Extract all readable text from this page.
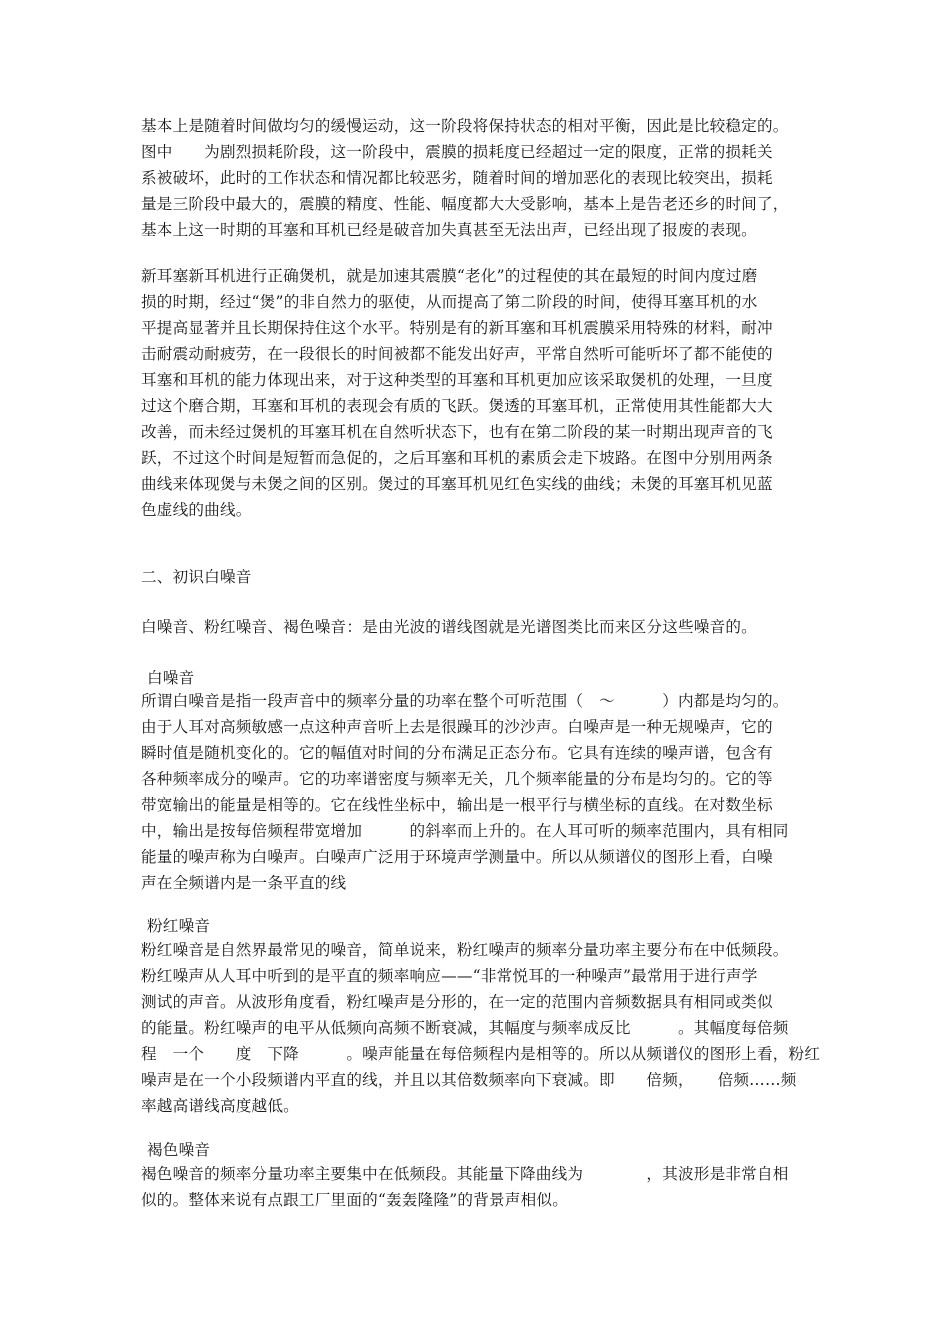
基本上是随着时间做均匀的缓慢运动，这一阶段将保持状态的相对平衡，因此是比较稳定的。
图中　　为剧烈损耗阶段，这一阶段中，震膜的损耗度已经超过一定的限度，正常的损耗关
系被破坏，此时的工作状态和情况都比较恶劣，随着时间的增加恶化的表现比较突出，损耗
量是三阶段中最大的，震膜的精度、性能、幅度都大大受影响，基本上是告老还乡的时间了，
基本上这一时期的耳塞和耳机已经是破音加失真甚至无法出声，已经出现了报废的表现。
新耳塞新耳机进行正确煲机，就是加速其震膜“老化”的过程使的其在最短的时间内度过磨
损的时期，经过“煲”的非自然力的驱使，从而提高了第二阶段的时间，使得耳塞耳机的水
平提高显著并且长期保持住这个水平。特别是有的新耳塞和耳机震膜采用特殊的材料，耐冲
击耐震动耐疲劳，在一段很长的时间被都不能发出好声，平常自然听可能听坏了都不能使的
耳塞和耳机的能力体现出来，对于这种类型的耳塞和耳机更加应该采取煲机的处理，一旦度
过这个磨合期，耳塞和耳机的表现会有质的飞跃。煲透的耳塞耳机，正常使用其性能都大大
改善，而未经过煲机的耳塞耳机在自然听状态下，也有在第二阶段的某一时期出现声音的飞
跃，不过这个时间是短暂而急促的，之后耳塞和耳机的素质会走下坡路。在图中分别用两条
曲线来体现煲与未煲之间的区别。煲过的耳塞耳机见红色实线的曲线；未煲的耳塞耳机见蓝
色虚线的曲线。
二、初识白噪音
白噪音、粉红噪音、褐色噪音：是由光波的谱线图就是光谱图类比而来区分这些噪音的。
白噪音
所谓白噪音是指一段声音中的频率分量的功率在整个可听范围（　～　　　）内都是均匀的。
由于人耳对高频敏感一点这种声音听上去是很躁耳的沙沙声。白噪声是一种无规噪声，它的
瞬时值是随机变化的。它的幅值对时间的分布满足正态分布。它具有连续的噪声谱，包含有
各种频率成分的噪声。它的功率谱密度与频率无关，几个频率能量的分布是均匀的。它的等
带宽输出的能量是相等的。它在线性坐标中，输出是一根平行与横坐标的直线。在对数坐标
中，输出是按每倍频程带宽增加　　　的斜率而上升的。在人耳可听的频率范围内，具有相同
能量的噪声称为白噪声。白噪声广泛用于环境声学测量中。所以从频谱仪的图形上看，白噪
声在全频谱内是一条平直的线
粉红噪音
粉红噪音是自然界最常见的噪音，简单说来，粉红噪声的频率分量功率主要分布在中低频段。
粉红噪声从人耳中听到的是平直的频率响应——“非常悦耳的一种噪声”最常用于进行声学
测试的声音。从波形角度看，粉红噪声是分形的，在一定的范围内音频数据具有相同或类似
的能量。粉红噪声的电平从低频向高频不断衰减，其幅度与频率成反比　　　。其幅度每倍频
程　一个　　度　下降　　　。噪声能量在每倍频程内是相等的。所以从频谱仪的图形上看，粉红
噪声是在一个小段频谱内平直的线，并且以其倍数频率向下衰减。即　　倍频，　　倍频……频
率越高谱线高度越低。
褐色噪音
褐色噪音的频率分量功率主要集中在低频段。其能量下降曲线为　　　　，其波形是非常自相
似的。整体来说有点跟工厂里面的“轰轰隆隆”的背景声相似。
